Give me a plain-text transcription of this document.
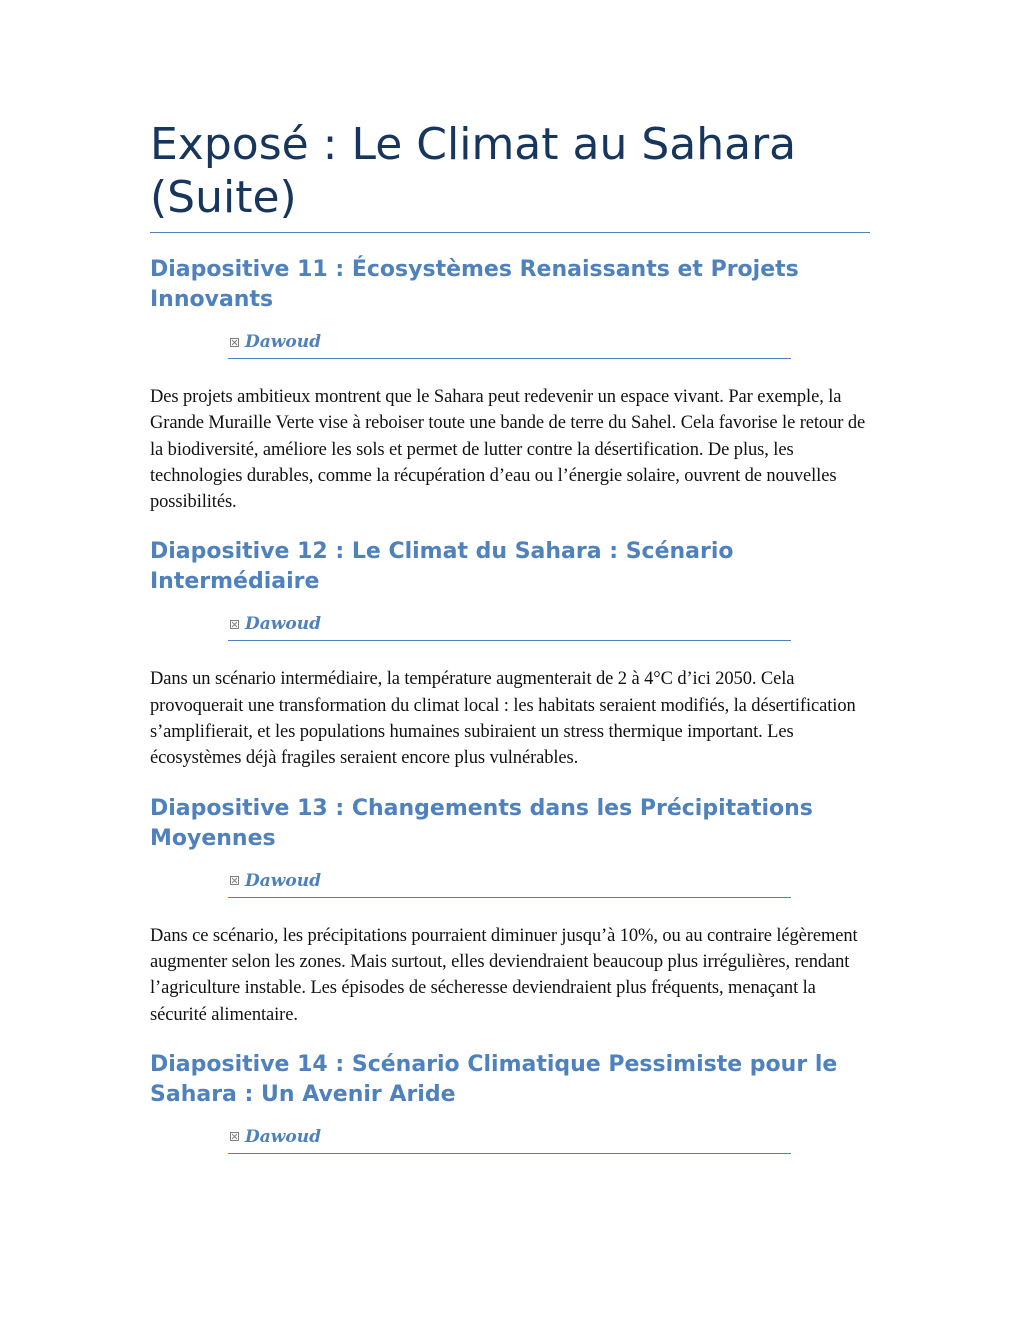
Exposé : Le Climat au Sahara (Suite)
Diapositive 11 : Écosystèmes Renaissants et Projets Innovants
Dawoud

Des projets ambitieux montrent que le Sahara peut redevenir un espace vivant. Par exemple, la Grande Muraille Verte vise à reboiser toute une bande de terre du Sahel. Cela favorise le retour de la biodiversité, améliore les sols et permet de lutter contre la désertification. De plus, les technologies durables, comme la récupération d’eau ou l’énergie solaire, ouvrent de nouvelles possibilités.

Diapositive 12 : Le Climat du Sahara : Scénario Intermédiaire
Dawoud

Dans un scénario intermédiaire, la température augmenterait de 2 à 4°C d’ici 2050. Cela provoquerait une transformation du climat local : les habitats seraient modifiés, la désertification s’amplifierait, et les populations humaines subiraient un stress thermique important. Les écosystèmes déjà fragiles seraient encore plus vulnérables.

Diapositive 13 : Changements dans les Précipitations Moyennes
Dawoud

Dans ce scénario, les précipitations pourraient diminuer jusqu’à 10%, ou au contraire légèrement augmenter selon les zones. Mais surtout, elles deviendraient beaucoup plus irrégulières, rendant l’agriculture instable. Les épisodes de sécheresse deviendraient plus fréquents, menaçant la sécurité alimentaire.

Diapositive 14 : Scénario Climatique Pessimiste pour le Sahara : Un Avenir Aride
Dawoud
